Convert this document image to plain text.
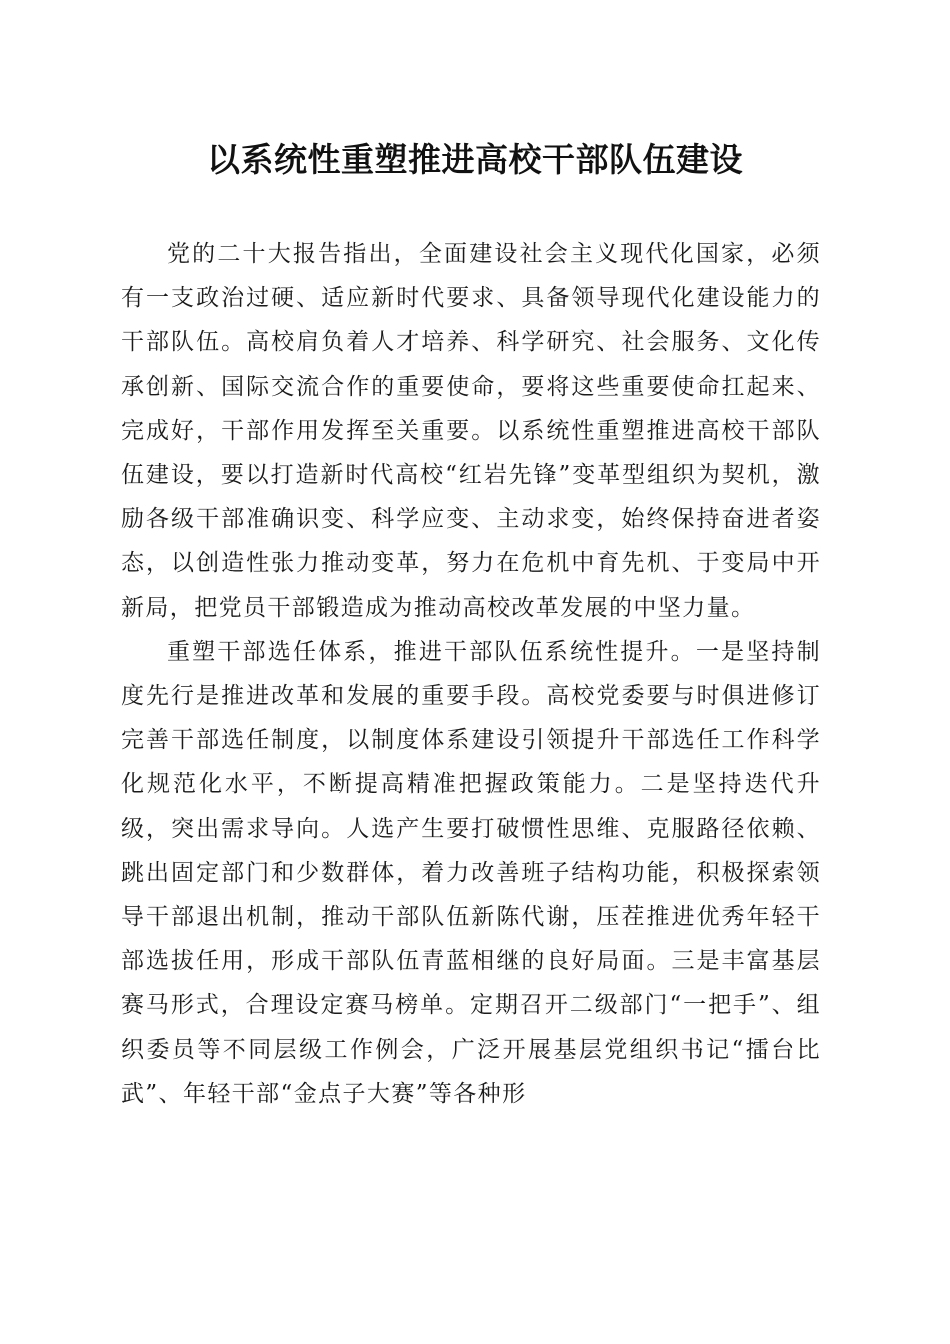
以系统性重塑推进高校干部队伍建设

党的二十大报告指出，全面建设社会主义现代化国家，必须有一支政治过硬、适应新时代要求、具备领导现代化建设能力的干部队伍。高校肩负着人才培养、科学研究、社会服务、文化传承创新、国际交流合作的重要使命，要将这些重要使命扛起来、完成好，干部作用发挥至关重要。以系统性重塑推进高校干部队伍建设，要以打造新时代高校“红岩先锋”变革型组织为契机，激励各级干部准确识变、科学应变、主动求变，始终保持奋进者姿态，以创造性张力推动变革，努力在危机中育先机、于变局中开新局，把党员干部锻造成为推动高校改革发展的中坚力量。

重塑干部选任体系，推进干部队伍系统性提升。一是坚持制度先行是推进改革和发展的重要手段。高校党委要与时俱进修订完善干部选任制度，以制度体系建设引领提升干部选任工作科学化规范化水平，不断提高精准把握政策能力。二是坚持迭代升级，突出需求导向。人选产生要打破惯性思维、克服路径依赖、跳出固定部门和少数群体，着力改善班子结构功能，积极探索领导干部退出机制，推动干部队伍新陈代谢，压茬推进优秀年轻干部选拔任用，形成干部队伍青蓝相继的良好局面。三是丰富基层赛马形式，合理设定赛马榜单。定期召开二级部门“一把手”、组织委员等不同层级工作例会，广泛开展基层党组织书记“擂台比武”、年轻干部“金点子大赛”等各种形
